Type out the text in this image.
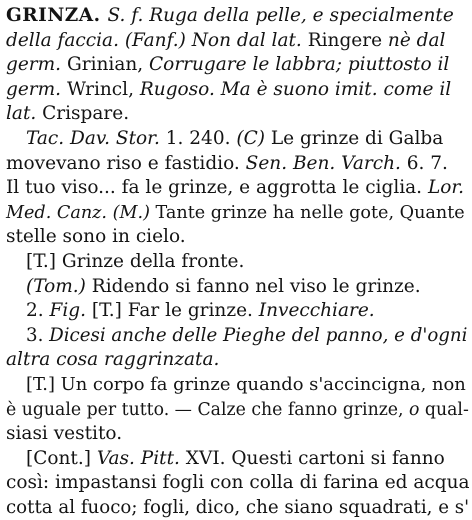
GRINZA. S. f. Ruga della pelle, e specialmente
della faccia. (Fanf.) Non dal lat. Ringere nè dal
germ. Grinian, Corrugare le labbra; piuttosto il
germ. Wrincl, Rugoso. Ma è suono imit. come il
lat. Crispare.
Tac. Dav. Stor. 1. 240. (C) Le grinze di Galba
movevano riso e fastidio. Sen. Ben. Varch. 6. 7.
Il tuo viso... fa le grinze, e aggrotta le ciglia. Lor.
Med. Canz. (M.) Tante grinze ha nelle gote, Quante
stelle sono in cielo.
[T.] Grinze della fronte.
(Tom.) Ridendo si fanno nel viso le grinze.
2. Fig. [T.] Far le grinze. Invecchiare.
3. Dicesi anche delle Pieghe del panno, e d'ogni
altra cosa raggrinzata.
[T.] Un corpo fa grinze quando s'accincigna, non
è uguale per tutto. — Calze che fanno grinze, o qual-
siasi vestito.
[Cont.] Vas. Pitt. XVI. Questi cartoni si fanno
così: impastansi fogli con colla di farina ed acqua
cotta al fuoco; fogli, dico, che siano squadrati, e s'
